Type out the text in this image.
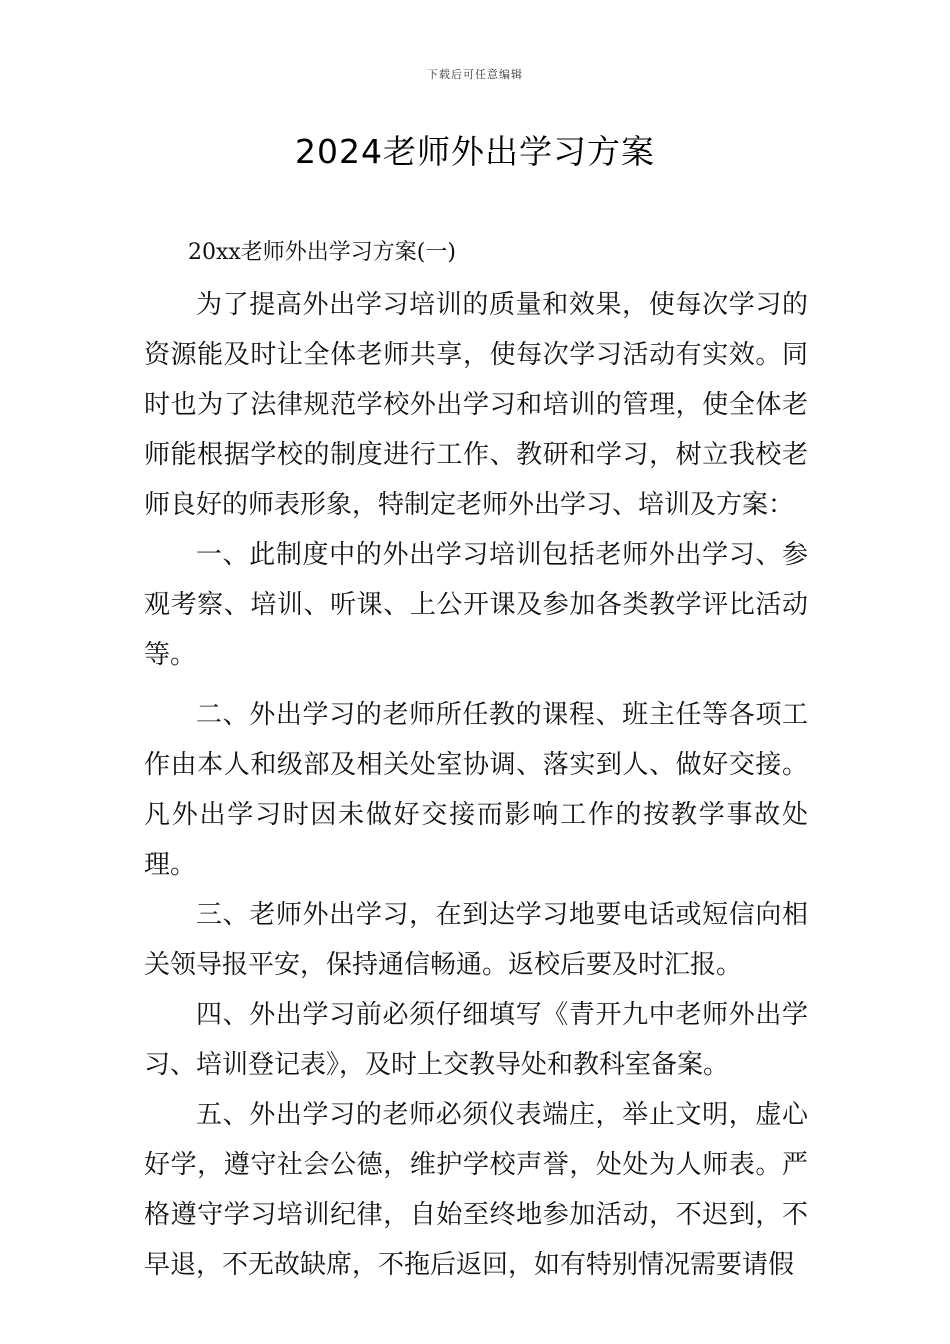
下载后可任意编辑
2024老师外出学习方案

20xx老师外出学习方案(一)

为了提高外出学习培训的质量和效果，使每次学习的资源能及时让全体老师共享，使每次学习活动有实效。同时也为了法律规范学校外出学习和培训的管理，使全体老师能根据学校的制度进行工作、教研和学习，树立我校老师良好的师表形象，特制定老师外出学习、培训及方案：

一、此制度中的外出学习培训包括老师外出学习、参观考察、培训、听课、上公开课及参加各类教学评比活动等。

二、外出学习的老师所任教的课程、班主任等各项工作由本人和级部及相关处室协调、落实到人、做好交接。凡外出学习时因未做好交接而影响工作的按教学事故处理。

三、老师外出学习，在到达学习地要电话或短信向相关领导报平安，保持通信畅通。返校后要及时汇报。

四、外出学习前必须仔细填写《青开九中老师外出学习、培训登记表》，及时上交教导处和教科室备案。

五、外出学习的老师必须仪表端庄，举止文明，虚心好学，遵守社会公德，维护学校声誉，处处为人师表。严格遵守学习培训纪律，自始至终地参加活动，不迟到，不早退，不无故缺席，不拖后返回，如有特别情况需要请假
